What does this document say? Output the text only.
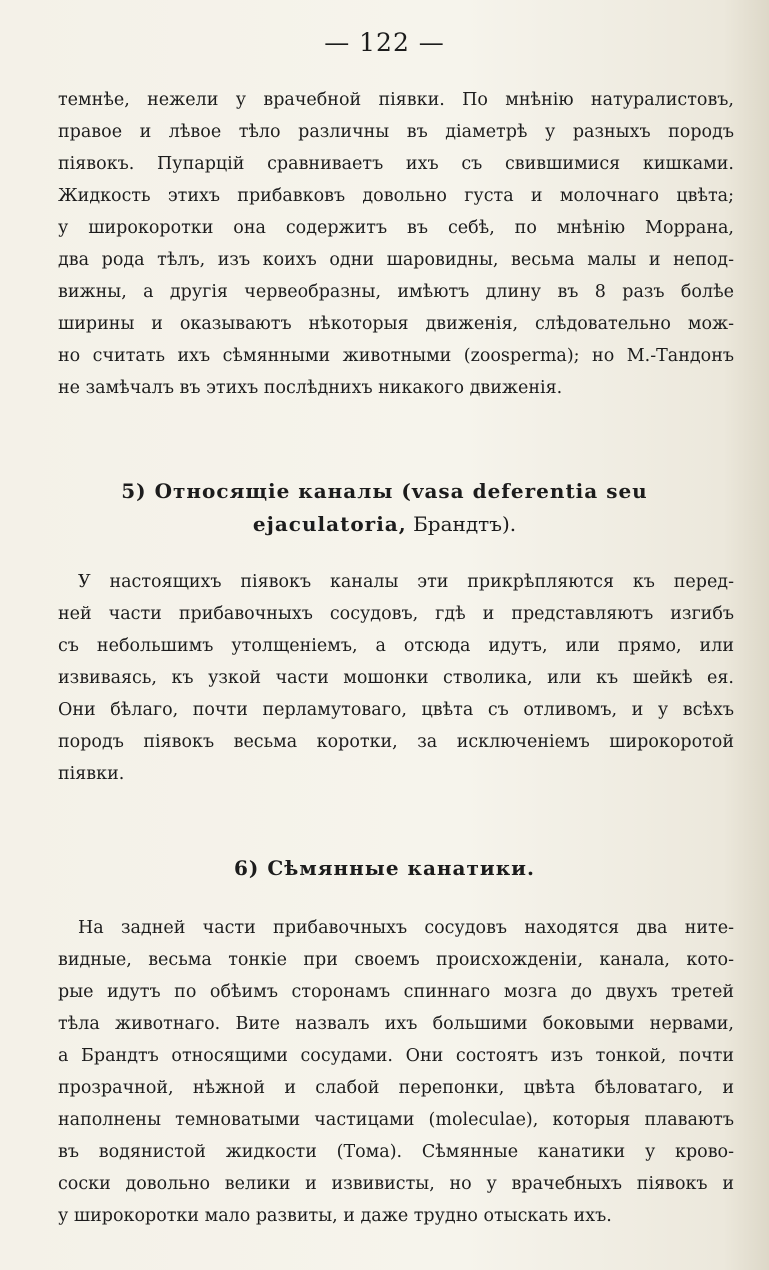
— 122 —
темнѣе, нежели у врачебной піявки. По мнѣнію натуралистовъ,
правое и лѣвое тѣло различны въ діаметрѣ у разныхъ породъ
піявокъ. Пупарцій сравниваетъ ихъ съ свившимися кишками.
Жидкость этихъ прибавковъ довольно густа и молочнаго цвѣта;
у широкоротки она содержитъ въ себѣ, по мнѣнію Моррана,
два рода тѣлъ, изъ коихъ одни шаровидны, весьма малы и непод-
вижны, а другія червеобразны, имѣютъ длину въ 8 разъ болѣе
ширины и оказываютъ нѣкоторыя движенія, слѣдовательно мож-
но считать ихъ сѣмянными животными (zoosperma); но М.-Тандонъ
не замѣчалъ въ этихъ послѣднихъ никакого движенія.
5) Относящіе каналы (vasa deferentia seu
ejaculatoria, Брандтъ).
У настоящихъ піявокъ каналы эти прикрѣпляются къ перед-
ней части прибавочныхъ сосудовъ, гдѣ и представляютъ изгибъ
съ небольшимъ утолщеніемъ, а отсюда идутъ, или прямо, или
извиваясь, къ узкой части мошонки стволика, или къ шейкѣ ея.
Они бѣлаго, почти перламутоваго, цвѣта съ отливомъ, и у всѣхъ
породъ піявокъ весьма коротки, за исключеніемъ широкоротой
піявки.
6) Сѣмянные канатики.
На задней части прибавочныхъ сосудовъ находятся два ните-
видные, весьма тонкіе при своемъ происхожденіи, канала, кото-
рые идутъ по обѣимъ сторонамъ спиннаго мозга до двухъ третей
тѣла животнаго. Вите назвалъ ихъ большими боковыми нервами,
а Брандтъ относящими сосудами. Они состоятъ изъ тонкой, почти
прозрачной, нѣжной и слабой перепонки, цвѣта бѣловатаго, и
наполнены темноватыми частицами (moleculae), которыя плаваютъ
въ водянистой жидкости (Тома). Сѣмянные канатики у крово-
соски довольно велики и извивисты, но у врачебныхъ піявокъ и
у широкоротки мало развиты, и даже трудно отыскать ихъ.
